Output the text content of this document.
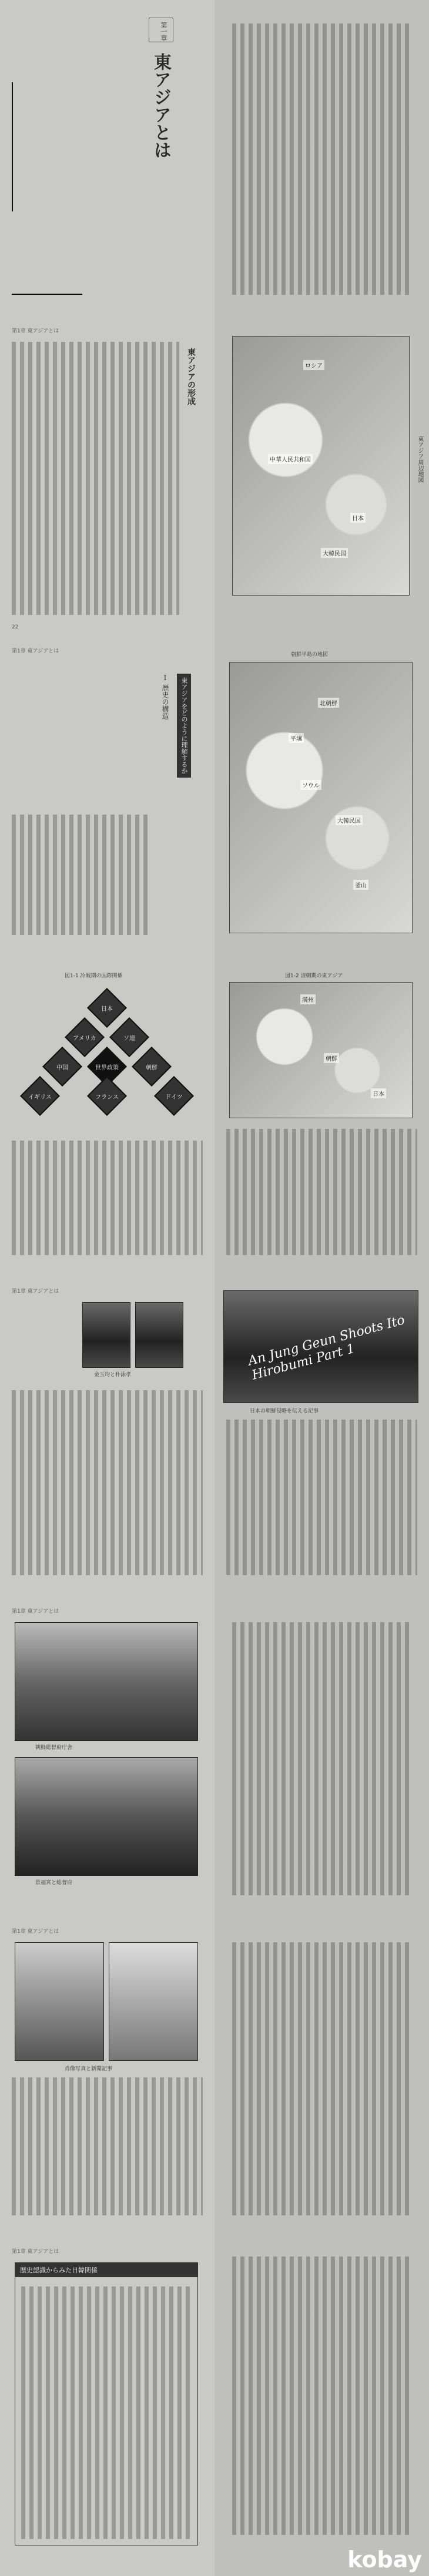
第一章
東アジアとは
第1章 東アジアとは
東アジアの形成
22
ロシア
中華人民共和国
日本
大韓民国
東アジア周辺地図
第1章 東アジアとは
東アジアをどのように理解するか
Ⅰ 歴史の構造
朝鮮半島の地図
北朝鮮
大韓民国
ソウル
平壌
釜山
図1-1 冷戦期の国際関係
日本
アメリカ	ソ連
中国	世界政策	朝鮮
イギリス	フランス	ドイツ
図1-2 清朝期の東アジア
満州
朝鮮
日本
第1章 東アジアとは
金玉均と朴泳孝
An Jung Geun Shoots Ito Hirobumi Part 1
日本の朝鮮侵略を伝える記事
第1章 東アジアとは
朝鮮総督府庁舎
景福宮と総督府
第1章 東アジアとは
肖像写真と新聞記事
第1章 東アジアとは
歴史認識からみた日韓関係
kobay
